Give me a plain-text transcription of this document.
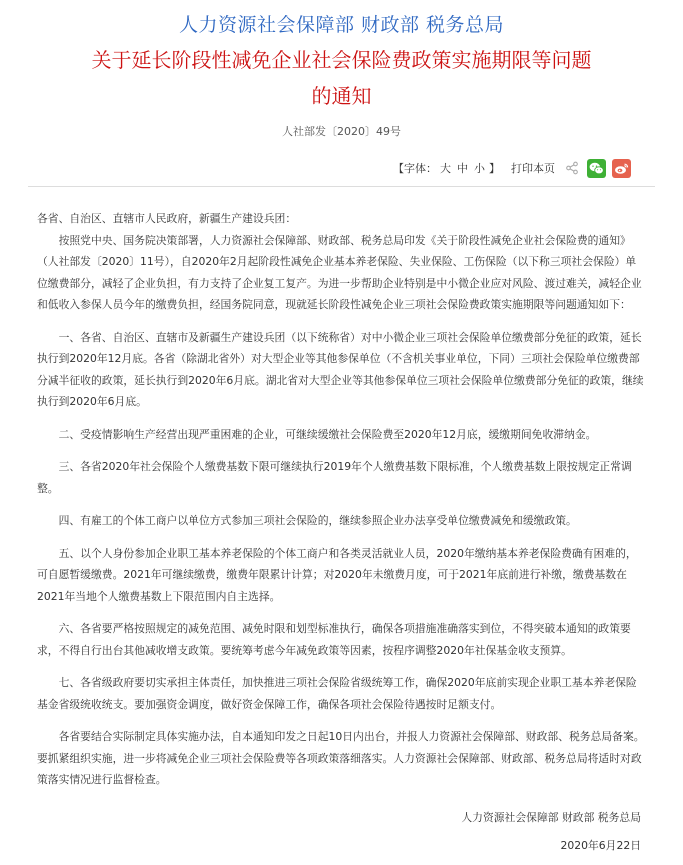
人力资源社会保障部 财政部 税务总局
关于延长阶段性减免企业社会保险费政策实施期限等问题
的通知
人社部发〔2020〕49号
【字体： 大 中 小 】 打印本页

各省、自治区、直辖市人民政府，新疆生产建设兵团：

按照党中央、国务院决策部署，人力资源社会保障部、财政部、税务总局印发《关于阶段性减免企业社会保险费的通知》（人社部发〔2020〕11号），自2020年2月起阶段性减免企业基本养老保险、失业保险、工伤保险（以下称三项社会保险）单位缴费部分，减轻了企业负担，有力支持了企业复工复产。为进一步帮助企业特别是中小微企业应对风险、渡过难关，减轻企业和低收入参保人员今年的缴费负担，经国务院同意，现就延长阶段性减免企业三项社会保险费政策实施期限等问题通知如下：

一、各省、自治区、直辖市及新疆生产建设兵团（以下统称省）对中小微企业三项社会保险单位缴费部分免征的政策，延长执行到2020年12月底。各省（除湖北省外）对大型企业等其他参保单位（不含机关事业单位，下同）三项社会保险单位缴费部分减半征收的政策，延长执行到2020年6月底。湖北省对大型企业等其他参保单位三项社会保险单位缴费部分免征的政策，继续执行到2020年6月底。

二、受疫情影响生产经营出现严重困难的企业，可继续缓缴社会保险费至2020年12月底，缓缴期间免收滞纳金。

三、各省2020年社会保险个人缴费基数下限可继续执行2019年个人缴费基数下限标准，个人缴费基数上限按规定正常调整。

四、有雇工的个体工商户以单位方式参加三项社会保险的，继续参照企业办法享受单位缴费减免和缓缴政策。

五、以个人身份参加企业职工基本养老保险的个体工商户和各类灵活就业人员，2020年缴纳基本养老保险费确有困难的，可自愿暂缓缴费。2021年可继续缴费，缴费年限累计计算；对2020年未缴费月度，可于2021年底前进行补缴，缴费基数在2021年当地个人缴费基数上下限范围内自主选择。

六、各省要严格按照规定的减免范围、减免时限和划型标准执行，确保各项措施准确落实到位，不得突破本通知的政策要求，不得自行出台其他减收增支政策。要统筹考虑今年减免政策等因素，按程序调整2020年社保基金收支预算。

七、各省级政府要切实承担主体责任，加快推进三项社会保险省级统筹工作，确保2020年底前实现企业职工基本养老保险基金省级统收统支。要加强资金调度，做好资金保障工作，确保各项社会保险待遇按时足额支付。

各省要结合实际制定具体实施办法，自本通知印发之日起10日内出台，并报人力资源社会保障部、财政部、税务总局备案。要抓紧组织实施，进一步将减免企业三项社会保险费等各项政策落细落实。人力资源社会保障部、财政部、税务总局将适时对政策落实情况进行监督检查。

人力资源社会保障部 财政部 税务总局
2020年6月22日
